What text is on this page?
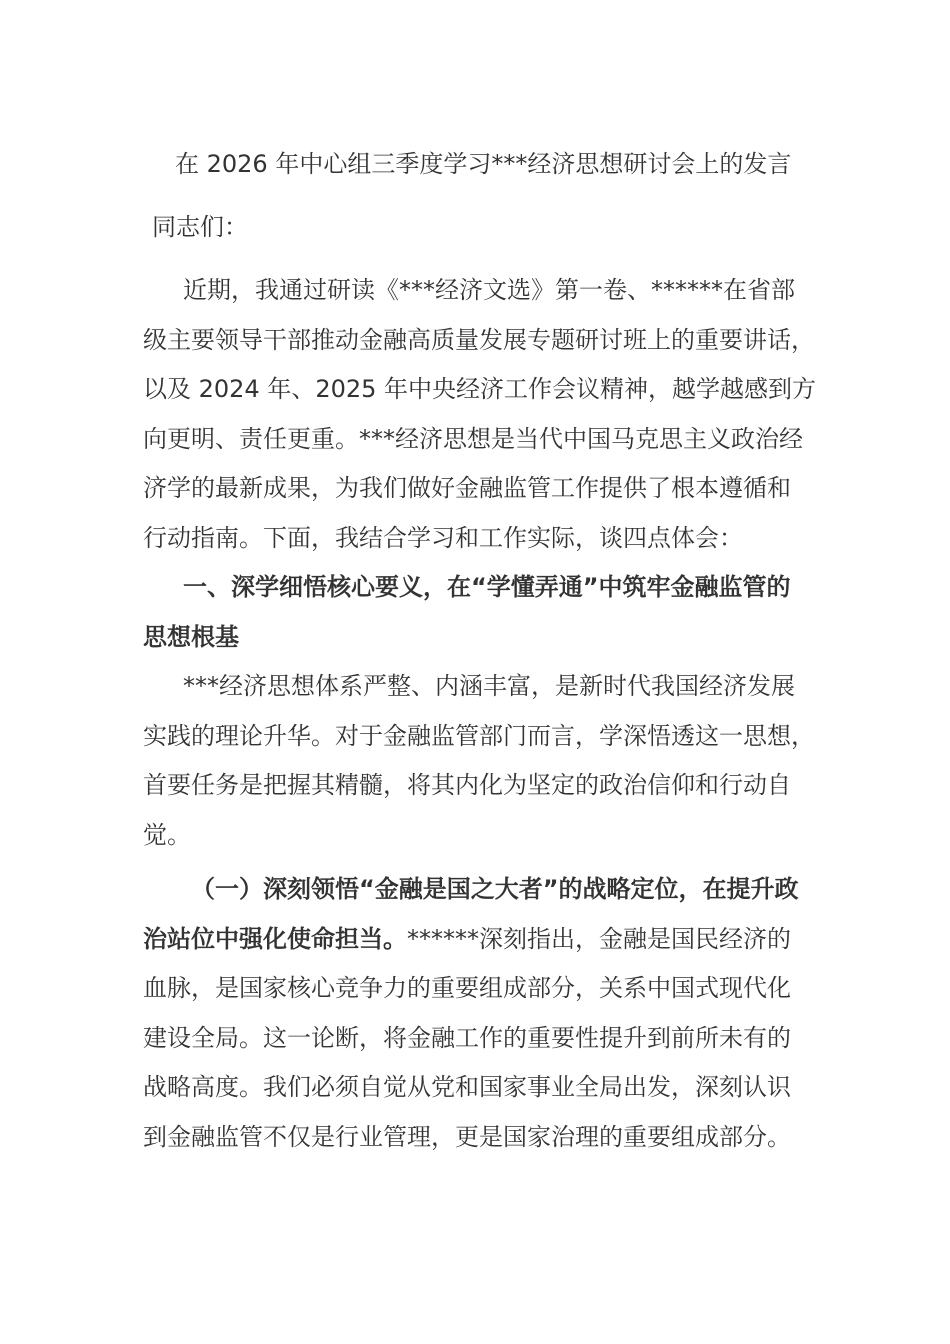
在 2026 年中心组三季度学习***经济思想研讨会上的发言
同志们：
近期，我通过研读《***经济文选》第一卷、******在省部
级主要领导干部推动金融高质量发展专题研讨班上的重要讲话，
以及 2024 年、2025 年中央经济工作会议精神，越学越感到方
向更明、责任更重。***经济思想是当代中国马克思主义政治经
济学的最新成果，为我们做好金融监管工作提供了根本遵循和
行动指南。下面，我结合学习和工作实际，谈四点体会：
一、深学细悟核心要义，在“学懂弄通”中筑牢金融监管的
思想根基
***经济思想体系严整、内涵丰富，是新时代我国经济发展
实践的理论升华。对于金融监管部门而言，学深悟透这一思想，
首要任务是把握其精髓，将其内化为坚定的政治信仰和行动自
觉。
（一）深刻领悟“金融是国之大者”的战略定位，在提升政
治站位中强化使命担当。******深刻指出，金融是国民经济的
血脉，是国家核心竞争力的重要组成部分，关系中国式现代化
建设全局。这一论断，将金融工作的重要性提升到前所未有的
战略高度。我们必须自觉从党和国家事业全局出发，深刻认识
到金融监管不仅是行业管理，更是国家治理的重要组成部分。
